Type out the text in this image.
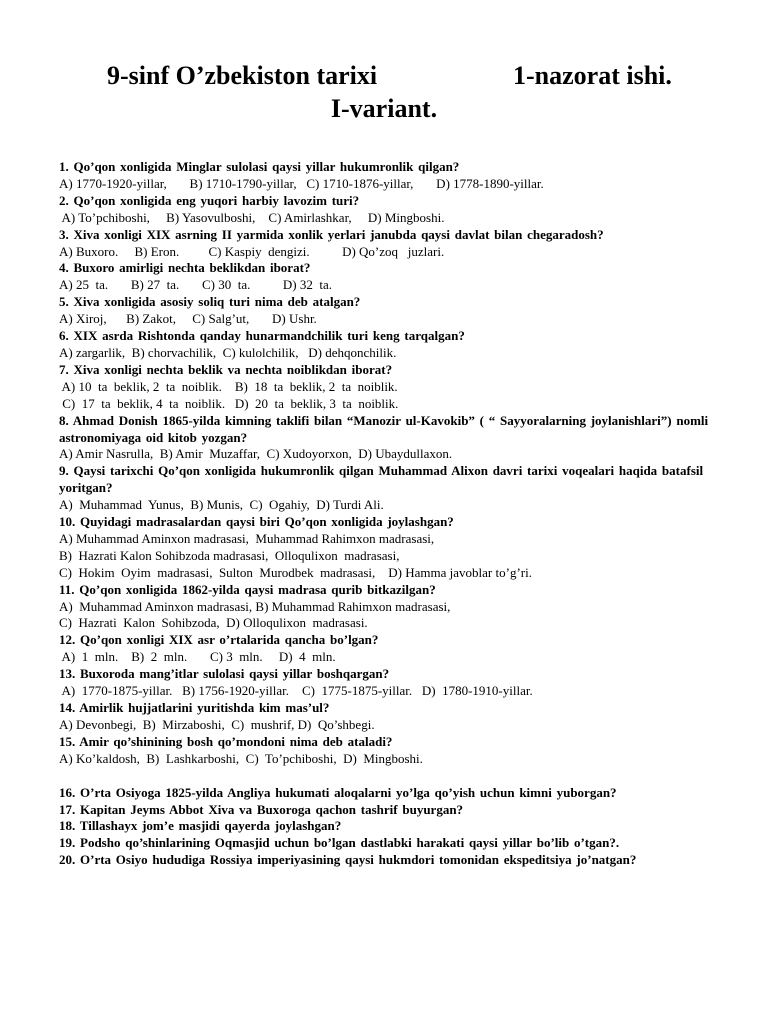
9-sinf O’zbekiston tarixi	1-nazorat ishi.
I-variant.
1. Qo’qon xonligida Minglar sulolasi qaysi yillar hukumronlik qilgan?
A) 1770-1920-yillar,       B) 1710-1790-yillar,   C) 1710-1876-yillar,       D) 1778-1890-yillar.
2. Qo’qon xonligida eng yuqori harbiy lavozim turi?
A) To’pchiboshi,     B) Yasovulboshi,    C) Amirlashkar,     D) Mingboshi.
3. Xiva xonligi XIX asrning II yarmida xonlik yerlari janubda qaysi davlat bilan chegaradosh?
A) Buxoro.     B) Eron.         C) Kaspiy  dengizi.          D) Qo’zoq   juzlari.
4. Buxoro amirligi nechta beklikdan iborat?
A) 25  ta.       B) 27  ta.       C) 30  ta.          D) 32  ta.
5. Xiva xonligida asosiy soliq turi nima deb atalgan?
A) Xiroj,      B) Zakot,     C) Salg’ut,       D) Ushr.
6. XIX asrda Rishtonda qanday hunarmandchilik turi keng tarqalgan?
A) zargarlik,  B) chorvachilik,  C) kulolchilik,   D) dehqonchilik.
7. Xiva xonligi nechta beklik va nechta noiblikdan iborat?
A) 10  ta  beklik, 2  ta  noiblik.    B)  18  ta  beklik, 2  ta  noiblik.
C)  17  ta  beklik, 4  ta  noiblik.   D)  20  ta  beklik, 3  ta  noiblik.
8. Ahmad Donish 1865-yilda kimning taklifi bilan “Manozir ul-Kavokib” ( “ Sayyoralarning joylanishlari”) nomli astronomiyaga oid kitob yozgan?
A) Amir Nasrulla,  B) Amir  Muzaffar,  C) Xudoyorxon,  D) Ubaydullaxon.
9. Qaysi tarixchi Qo’qon xonligida hukumronlik qilgan Muhammad Alixon davri tarixi voqealari haqida batafsil yoritgan?
A)  Muhammad  Yunus,  B) Munis,  C)  Ogahiy,  D) Turdi Ali.
10. Quyidagi madrasalardan qaysi biri Qo’qon xonligida joylashgan?
A) Muhammad Aminxon madrasasi,  Muhammad Rahimxon madrasasi,
B)  Hazrati Kalon Sohibzoda madrasasi,  Olloqulixon  madrasasi,
C)  Hokim  Oyim  madrasasi,  Sulton  Murodbek  madrasasi,    D) Hamma javoblar to’g’ri.
11. Qo’qon xonligida 1862-yilda qaysi madrasa qurib bitkazilgan?
A)  Muhammad Aminxon madrasasi, B) Muhammad Rahimxon madrasasi,
C)  Hazrati  Kalon  Sohibzoda,  D) Olloqulixon  madrasasi.
12. Qo’qon xonligi XIX asr o’rtalarida qancha bo’lgan?
A)  1  mln.    B)  2  mln.       C) 3  mln.     D)  4  mln.
13. Buxoroda mang’itlar sulolasi qaysi yillar boshqargan?
A)  1770-1875-yillar.   B) 1756-1920-yillar.    C)  1775-1875-yillar.   D)  1780-1910-yillar.
14. Amirlik hujjatlarini yuritishda kim mas’ul?
A) Devonbegi,  B)  Mirzaboshi,  C)  mushrif, D)  Qo’shbegi.
15. Amir qo’shinining bosh qo’mondoni nima deb ataladi?
A) Ko’kaldosh,  B)  Lashkarboshi,  C)  To’pchiboshi,  D)  Mingboshi.
16. O’rta Osiyoga 1825-yilda Angliya hukumati aloqalarni yo’lga qo’yish uchun kimni yuborgan?
17. Kapitan Jeyms Abbot Xiva va Buxoroga qachon tashrif buyurgan?
18. Tillashayx jom’e masjidi qayerda joylashgan?
19. Podsho qo’shinlarining Oqmasjid uchun bo’lgan dastlabki harakati qaysi yillar bo’lib o’tgan?.
20. O’rta Osiyo hududiga Rossiya imperiyasining qaysi hukmdori tomonidan ekspeditsiya jo’natgan?
